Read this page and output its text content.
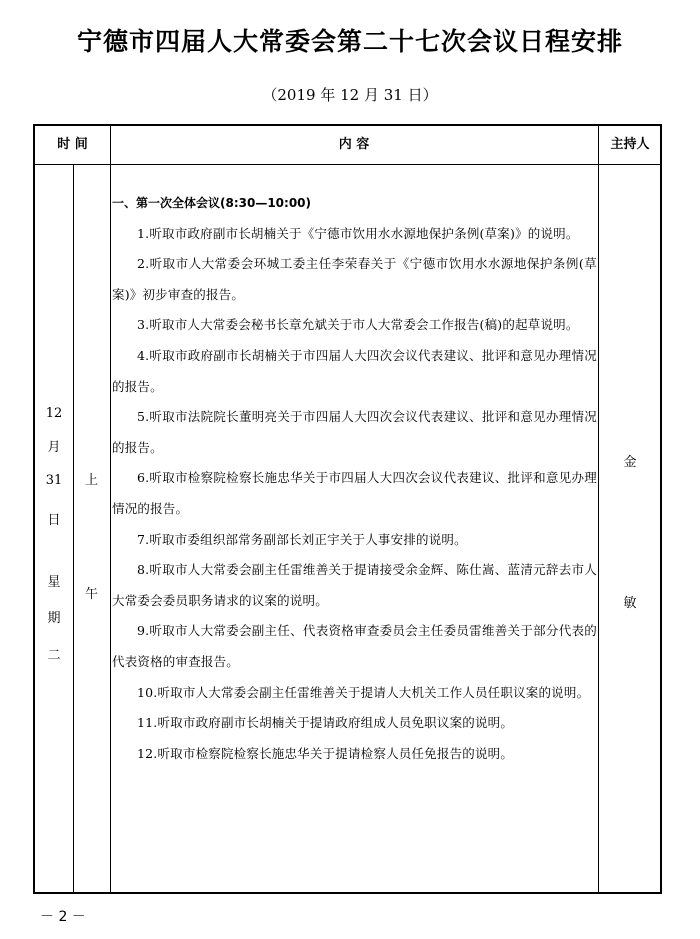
宁德市四届人大常委会第二十七次会议日程安排
（2019 年 12 月 31 日）
时 间	内 容	主持人
12
月
31
日
星
期
二
上
午
金
敏
一、第一次全体会议(8:30—10:00)

1.听取市政府副市长胡楠关于《宁德市饮用水水源地保护条例(草案)》的说明。

2.听取市人大常委会环城工委主任李荣春关于《宁德市饮用水水源地保护条例(草案)》初步审查的报告。

3.听取市人大常委会秘书长章允斌关于市人大常委会工作报告(稿)的起草说明。

4.听取市政府副市长胡楠关于市四届人大四次会议代表建议、批评和意见办理情况的报告。

5.听取市法院院长董明亮关于市四届人大四次会议代表建议、批评和意见办理情况的报告。

6.听取市检察院检察长施忠华关于市四届人大四次会议代表建议、批评和意见办理情况的报告。

7.听取市委组织部常务副部长刘正宇关于人事安排的说明。

8.听取市人大常委会副主任雷维善关于提请接受余金辉、陈仕嵩、蓝清元辞去市人大常委会委员职务请求的议案的说明。

9.听取市人大常委会副主任、代表资格审查委员会主任委员雷维善关于部分代表的代表资格的审查报告。

10.听取市人大常委会副主任雷维善关于提请人大机关工作人员任职议案的说明。

11.听取市政府副市长胡楠关于提请政府组成人员免职议案的说明。

12.听取市检察院检察长施忠华关于提请检察人员任免报告的说明。

－ 2 －
